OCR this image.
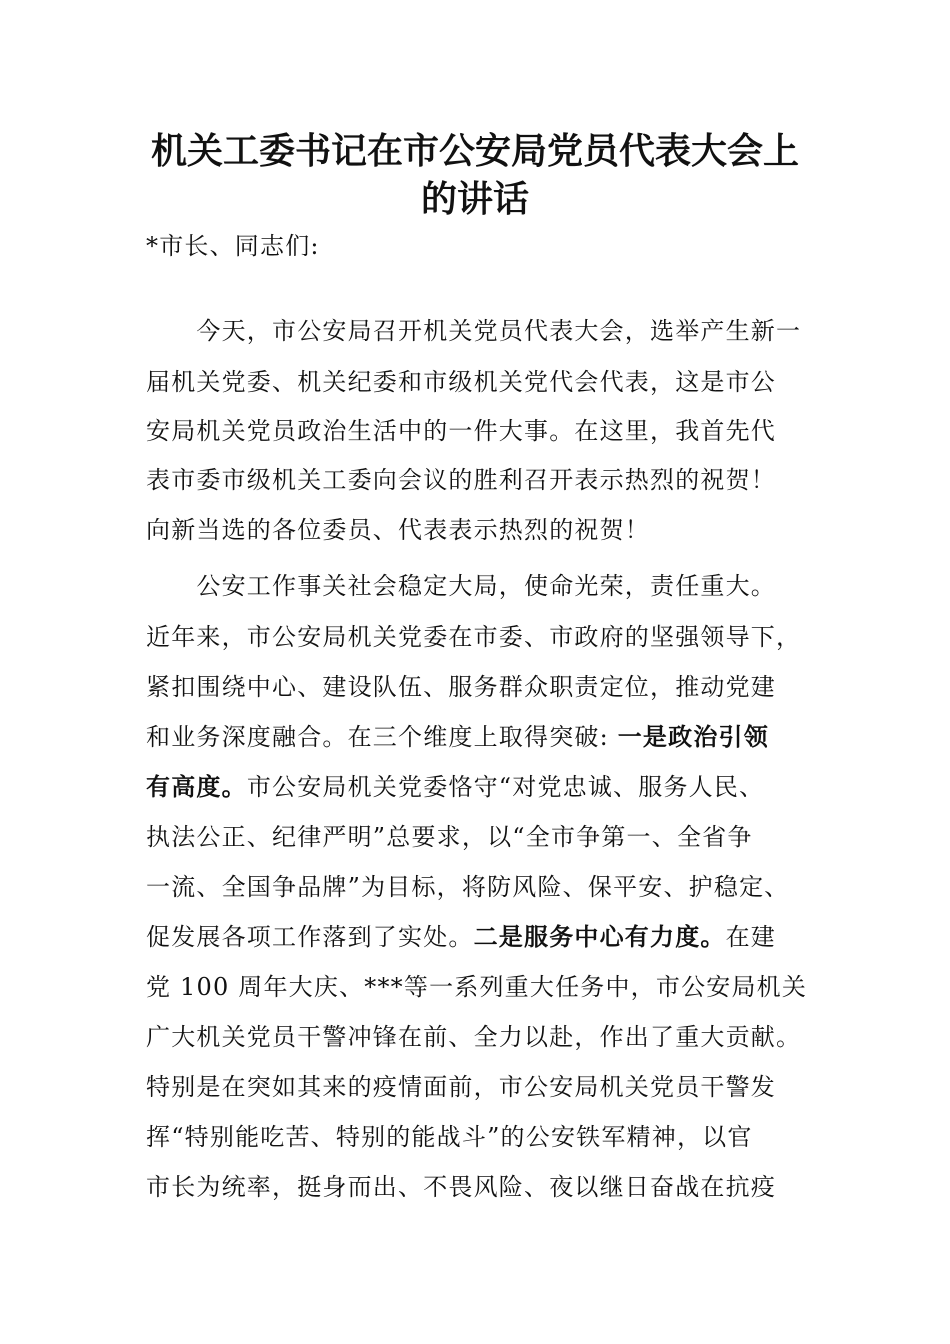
机关工委书记在市公安局党员代表大会上
的讲话
*市长、同志们:
　　今天，市公安局召开机关党员代表大会，选举产生新一
届机关党委、机关纪委和市级机关党代会代表，这是市公
安局机关党员政治生活中的一件大事。在这里，我首先代
表市委市级机关工委向会议的胜利召开表示热烈的祝贺！
向新当选的各位委员、代表表示热烈的祝贺！
　　公安工作事关社会稳定大局，使命光荣，责任重大。
近年来，市公安局机关党委在市委、市政府的坚强领导下，
紧扣围绕中心、建设队伍、服务群众职责定位，推动党建
和业务深度融合。在三个维度上取得突破: 一是政治引领
有高度。市公安局机关党委恪守“对党忠诚、服务人民、
执法公正、纪律严明”总要求，以“全市争第一、全省争
一流、全国争品牌”为目标，将防风险、保平安、护稳定、
促发展各项工作落到了实处。二是服务中心有力度。在建
党 100 周年大庆、***等一系列重大任务中，市公安局机关
广大机关党员干警冲锋在前、全力以赴，作出了重大贡献。
特别是在突如其来的疫情面前，市公安局机关党员干警发
挥“特别能吃苦、特别的能战斗”的公安铁军精神，以官
市长为统率，挺身而出、不畏风险、夜以继日奋战在抗疫
